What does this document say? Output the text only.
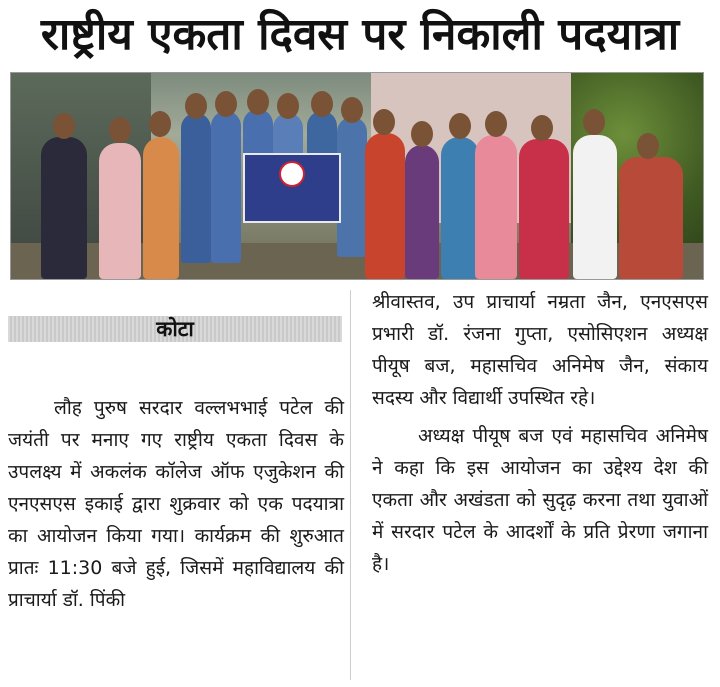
राष्ट्रीय एकता दिवस पर निकाली पदयात्रा
कोटा

लौह पुरुष सरदार वल्लभभाई पटेल की जयंती पर मनाए गए राष्ट्रीय एकता दिवस के उपलक्ष्य में अकलंक कॉलेज ऑफ एजुकेशन की एनएसएस इकाई द्वारा शुक्रवार को एक पदयात्रा का आयोजन किया गया। कार्यक्रम की शुरुआत प्रातः 11:30 बजे हुई, जिसमें महाविद्यालय की प्राचार्या डॉ. पिंकी

श्रीवास्तव, उप प्राचार्या नम्रता जैन, एनएसएस प्रभारी डॉ. रंजना गुप्ता, एसोसिएशन अध्यक्ष पीयूष बज, महासचिव अनिमेष जैन, संकाय सदस्य और विद्यार्थी उपस्थित रहे।

अध्यक्ष पीयूष बज एवं महासचिव अनिमेष ने कहा कि इस आयोजन का उद्देश्य देश की एकता और अखंडता को सुदृढ़ करना तथा युवाओं में सरदार पटेल के आदर्शों के प्रति प्रेरणा जगाना है।
